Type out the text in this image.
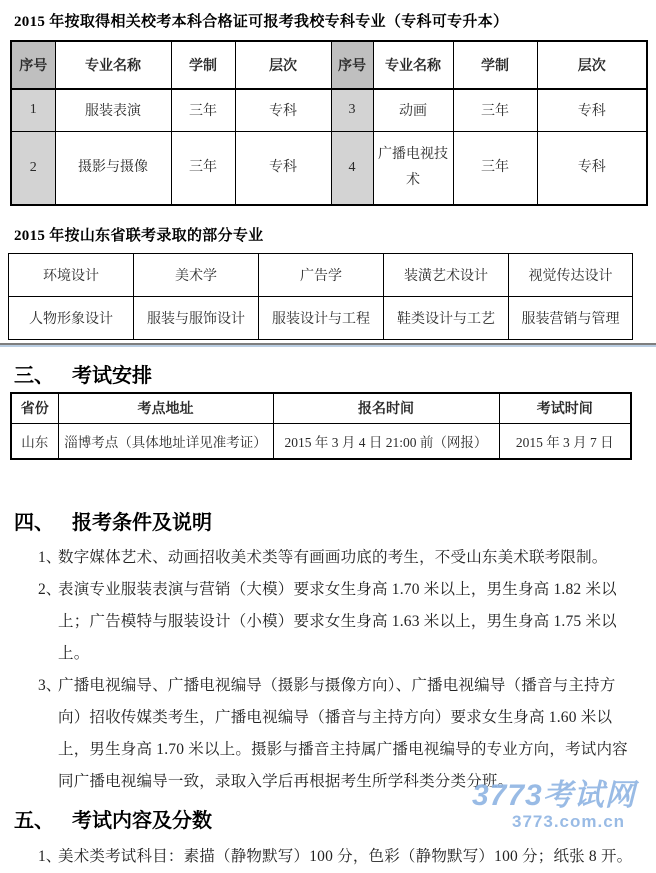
2015 年按取得相关校考本科合格证可报考我校专科专业（专科可专升本）
序号	专业名称	学制	层次	序号	专业名称	学制	层次
1	服装表演	三年	专科	3	动画	三年	专科
2	摄影与摄像	三年	专科	4	广播电视技术	三年	专科
2015 年按山东省联考录取的部分专业
环境设计	美术学	广告学	装潢艺术设计	视觉传达设计
人物形象设计	服装与服饰设计	服装设计与工程	鞋类设计与工艺	服装营销与管理
三、 考试安排
省份	考点地址	报名时间	考试时间
山东	淄博考点（具体地址详见准考证）	2015 年 3 月 4 日 21:00 前（网报）	2015 年 3 月 7 日
四、 报考条件及说明
1、
数字媒体艺术、动画招收美术类等有画画功底的考生，不受山东美术联考限制。
2、
表演专业服装表演与营销（大模）要求女生身高 1.70 米以上，男生身高 1.82 米以上；广告模特与服装设计（小模）要求女生身高 1.63 米以上，男生身高 1.75 米以上。
3、
广播电视编导、广播电视编导（摄影与摄像方向）、广播电视编导（播音与主持方向）招收传媒类考生，广播电视编导（播音与主持方向）要求女生身高 1.60 米以上，男生身高 1.70 米以上。摄影与播音主持属广播电视编导的专业方向，考试内容同广播电视编导一致，录取入学后再根据考生所学科类分类分班。
五、 考试内容及分数
1、
美术类考试科目：素描（静物默写）100 分，色彩（静物默写）100 分；纸张 8 开。
3773考试网
3773.com.cn
